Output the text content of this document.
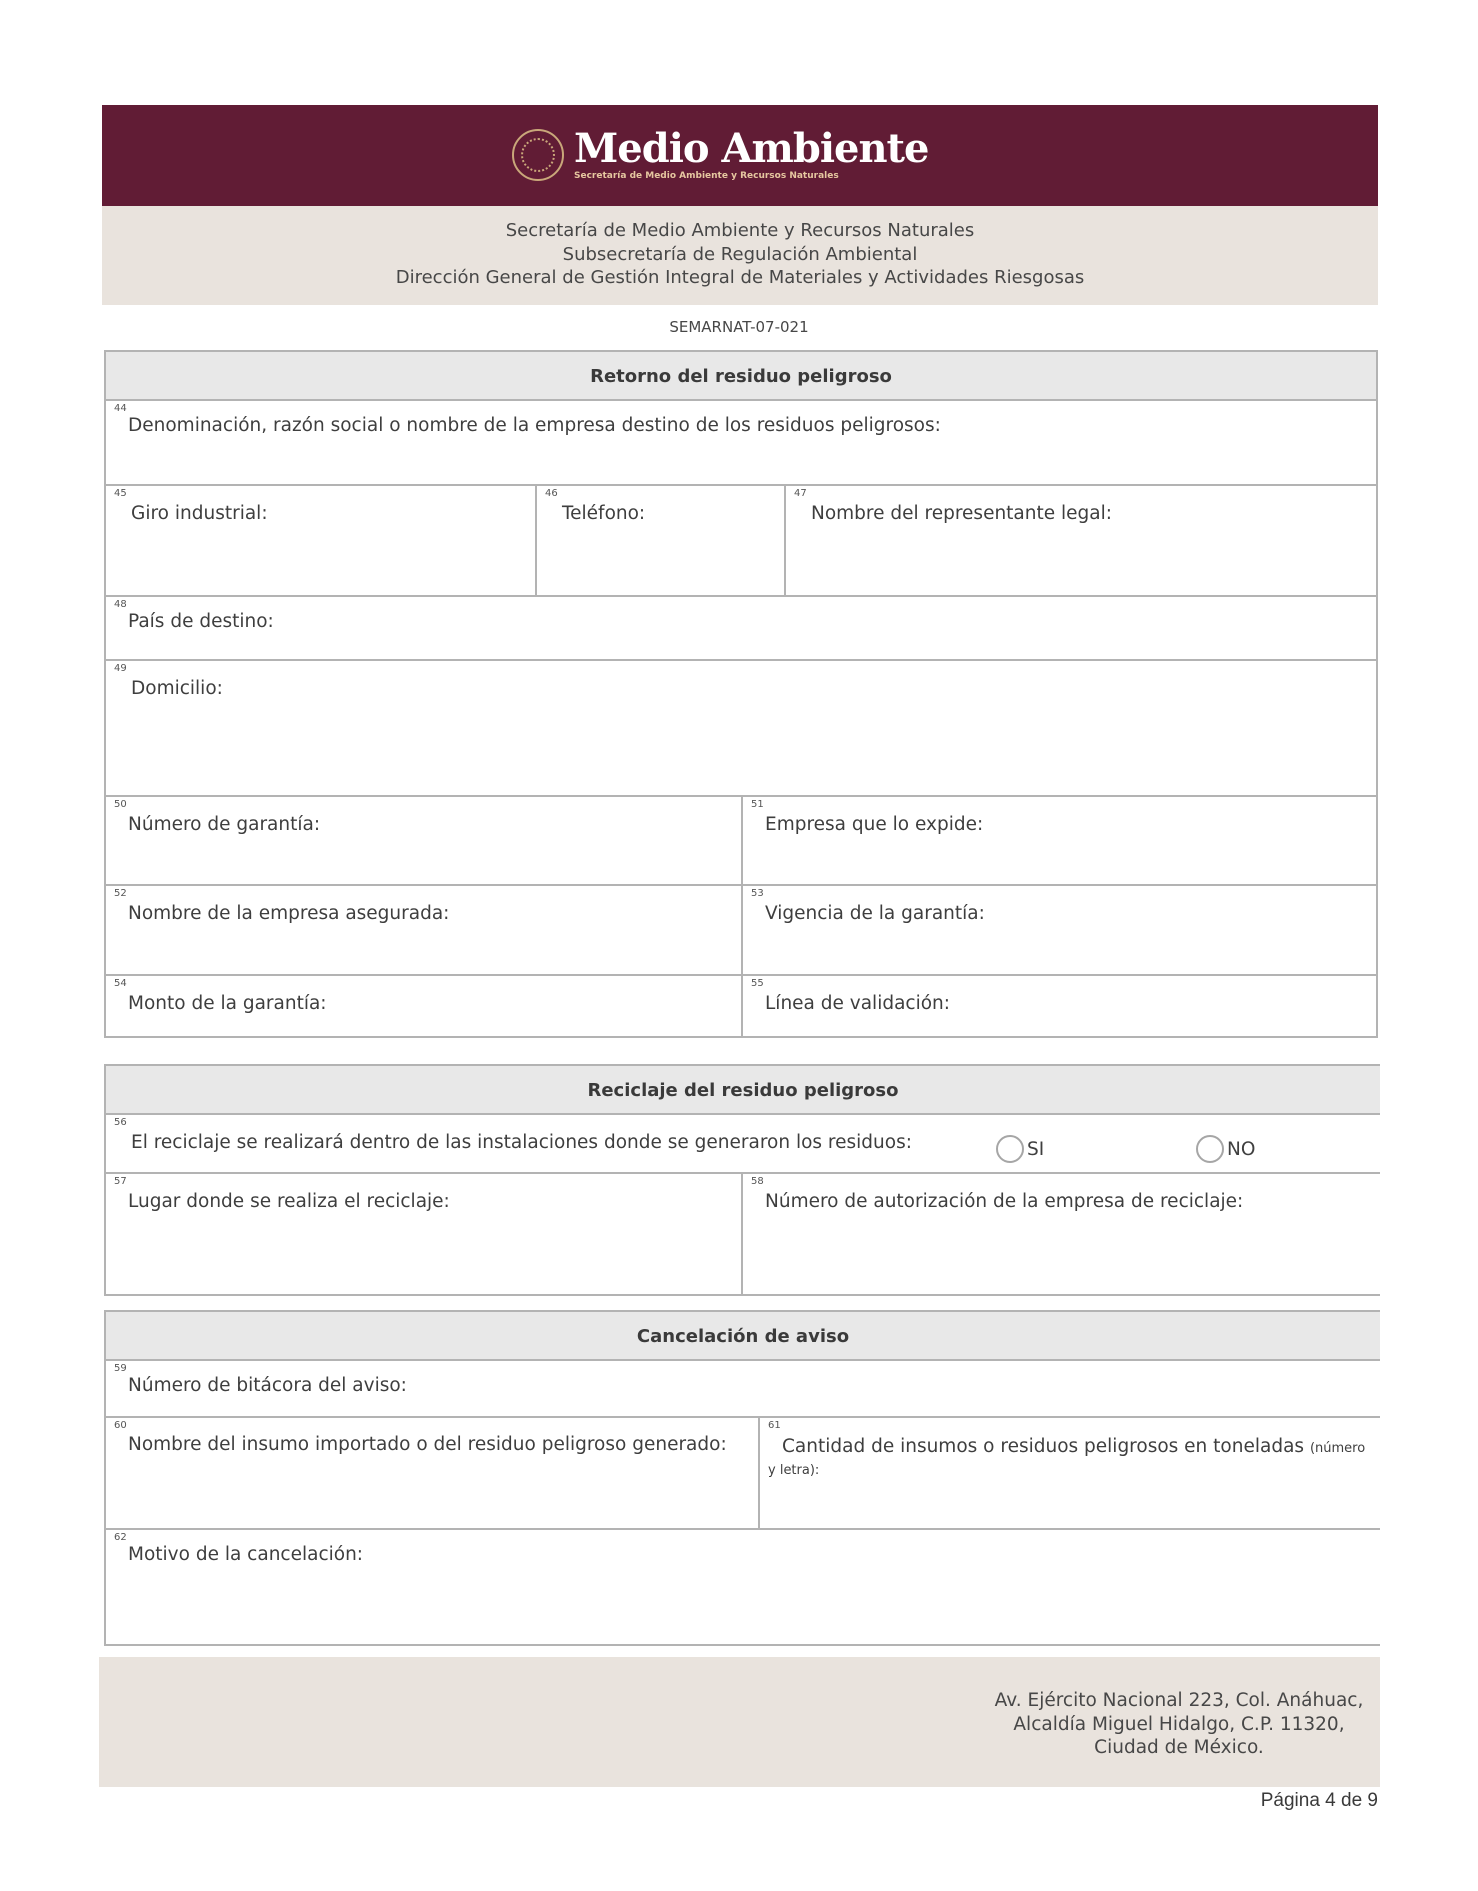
Medio Ambiente
Secretaría de Medio Ambiente y Recursos Naturales
Secretaría de Medio Ambiente y Recursos Naturales
Subsecretaría de Regulación Ambiental
Dirección General de Gestión Integral de Materiales y Actividades Riesgosas
SEMARNAT-07-021
Retorno del residuo peligroso
44
Denominación, razón social o nombre de la empresa destino de los residuos peligrosos:
45
Giro industrial:
46
Teléfono:
47
Nombre del representante legal:
48
País de destino:
49
Domicilio:
50
Número de garantía:
51
Empresa que lo expide:
52
Nombre de la empresa asegurada:
53
Vigencia de la garantía:
54
Monto de la garantía:
55
Línea de validación:
Reciclaje del residuo peligroso
56
El reciclaje se realizará dentro de las instalaciones donde se generaron los residuos:	SI	NO
57
Lugar donde se realiza el reciclaje:
58
Número de autorización de la empresa de reciclaje:
Cancelación de aviso
59
Número de bitácora del aviso:
60
Nombre del insumo importado o del residuo peligroso generado:
61
Cantidad de insumos o residuos peligrosos en toneladas (número y letra):
62
Motivo de la cancelación:
Av. Ejército Nacional 223, Col. Anáhuac,
Alcaldía Miguel Hidalgo, C.P. 11320,
Ciudad de México.
Página 4 de 9
